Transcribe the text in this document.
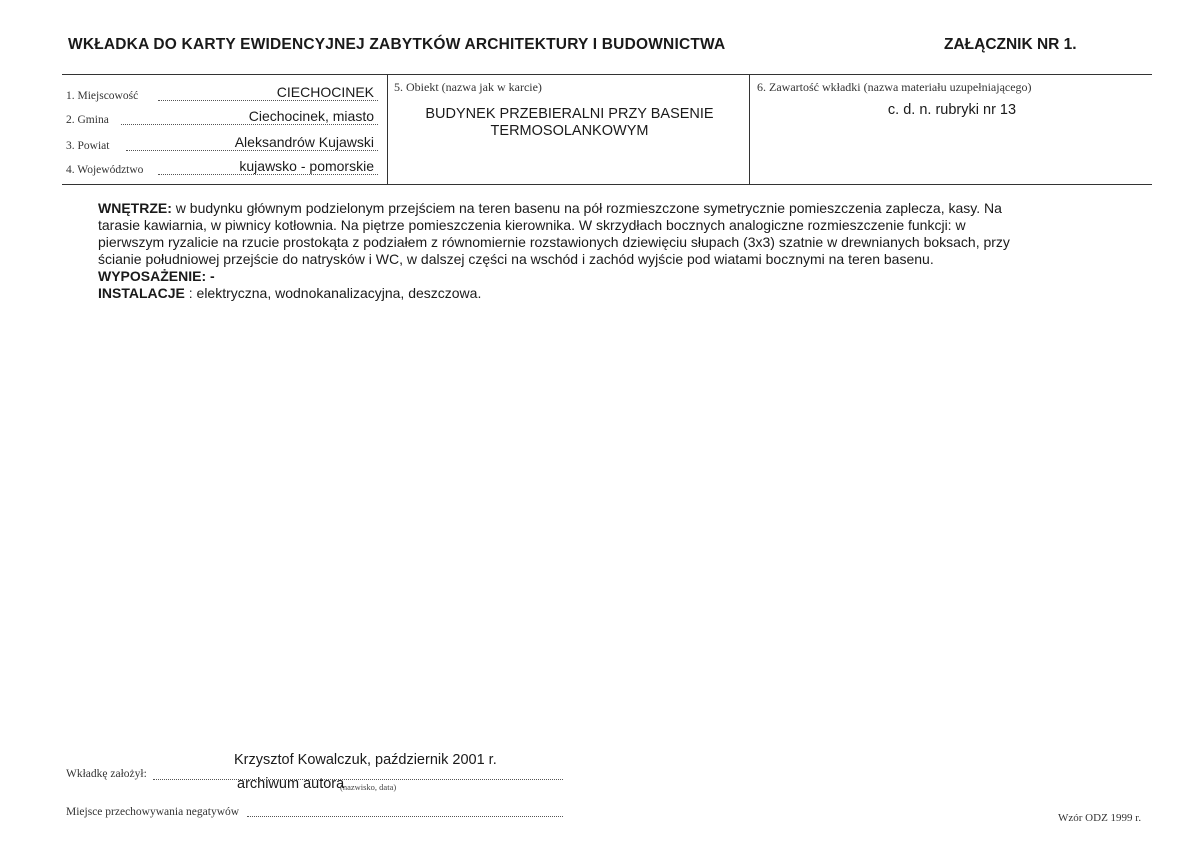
WKŁADKA DO KARTY EWIDENCYJNEJ ZABYTKÓW ARCHITEKTURY I BUDOWNICTWA	ZAŁĄCZNIK NR 1.
1. Miejscowość	CIECHOCINEK
2. Gmina	Ciechocinek, miasto
3. Powiat	Aleksandrów Kujawski
4. Województwo	kujawsko - pomorskie
5. Obiekt (nazwa jak w karcie)
BUDYNEK PRZEBIERALNI PRZY BASENIE
TERMOSOLANKOWYM
6. Zawartość wkładki (nazwa materiału uzupełniającego)
c. d. n. rubryki nr 13
WNĘTRZE: w budynku głównym podzielonym przejściem na teren basenu na pół rozmieszczone symetrycznie pomieszczenia zaplecza, kasy. Na
tarasie kawiarnia, w piwnicy kotłownia. Na piętrze pomieszczenia kierownika. W skrzydłach bocznych analogiczne rozmieszczenie funkcji: w
pierwszym ryzalicie na rzucie prostokąta z podziałem z równomiernie rozstawionych dziewięciu słupach (3x3) szatnie w drewnianych boksach, przy
ścianie południowej przejście do natrysków i WC, w dalszej części na wschód i zachód wyjście pod wiatami bocznymi na teren basenu.
WYPOSAŻENIE: -
INSTALACJE : elektryczna, wodnokanalizacyjna, deszczowa.
Wkładkę założył:
Krzysztof Kowalczuk, październik 2001 r.
(nazwisko, data)
archiwum autora
Miejsce przechowywania negatywów	Wzór ODZ 1999 r.
